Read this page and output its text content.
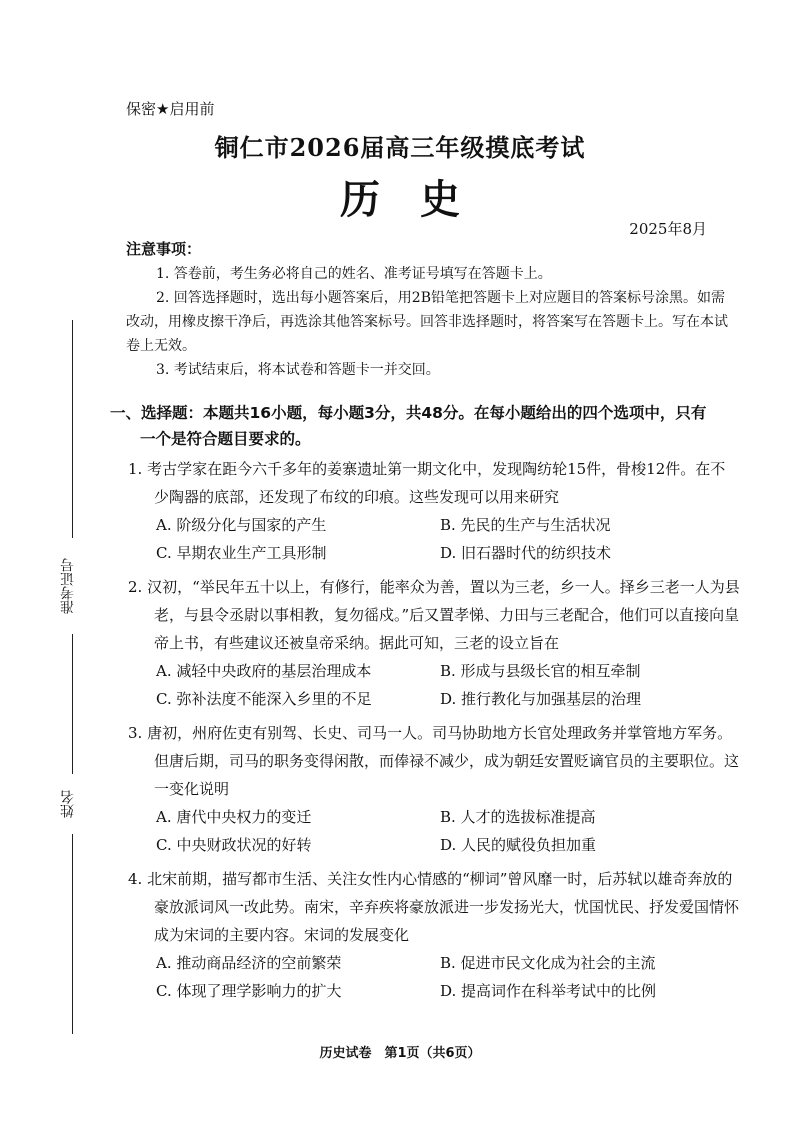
保密★启用前
铜仁市2026届高三年级摸底考试
历史
2025年8月
注意事项：

1. 答卷前，考生务必将自己的姓名、准考证号填写在答题卡上。

2. 回答选择题时，选出每小题答案后，用2B铅笔把答题卡上对应题目的答案标号涂黑。如需改动，用橡皮擦干净后，再选涂其他答案标号。回答非选择题时，将答案写在答题卡上。写在本试卷上无效。

3. 考试结束后，将本试卷和答题卡一并交回。

一、选择题：本题共16小题，每小题3分，共48分。在每小题给出的四个选项中，只有
一个是符合题目要求的。

1. 考古学家在距今六千多年的姜寨遗址第一期文化中，发现陶纺轮15件，骨梭12件。在不少陶器的底部，还发现了布纹的印痕。这些发现可以用来研究

A. 阶级分化与国家的产生	B. 先民的生产与生活状况
C. 早期农业生产工具形制	D. 旧石器时代的纺织技术

2. 汉初，“举民年五十以上，有修行，能率众为善，置以为三老，乡一人。择乡三老一人为县老，与县令丞尉以事相教，复勿徭戍。”后又置孝悌、力田与三老配合，他们可以直接向皇帝上书，有些建议还被皇帝采纳。据此可知，三老的设立旨在

A. 减轻中央政府的基层治理成本	B. 形成与县级长官的相互牵制
C. 弥补法度不能深入乡里的不足	D. 推行教化与加强基层的治理

3. 唐初，州府佐吏有别驾、长史、司马一人。司马协助地方长官处理政务并掌管地方军务。但唐后期，司马的职务变得闲散，而俸禄不减少，成为朝廷安置贬谪官员的主要职位。这一变化说明

A. 唐代中央权力的变迁	B. 人才的选拔标准提高
C. 中央财政状况的好转	D. 人民的赋役负担加重

4. 北宋前期，描写都市生活、关注女性内心情感的“柳词”曾风靡一时，后苏轼以雄奇奔放的豪放派词风一改此势。南宋，辛弃疾将豪放派进一步发扬光大，忧国忧民、抒发爱国情怀成为宋词的主要内容。宋词的发展变化

A. 推动商品经济的空前繁荣	B. 促进市民文化成为社会的主流
C. 体现了理学影响力的扩大	D. 提高词作在科举考试中的比例
准考证号
姓名
历史试卷　第1页（共6页）
